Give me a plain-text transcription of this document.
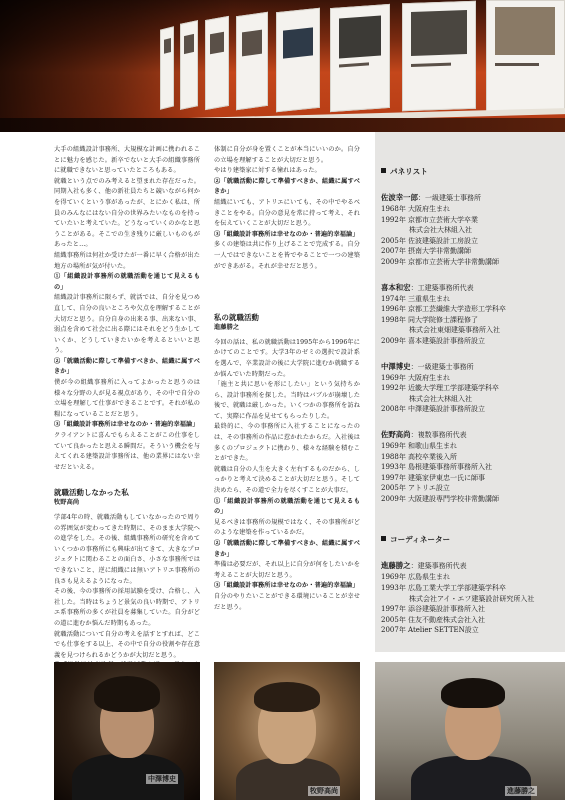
大手の組織設計事務所、大規模な計画に携われることに魅力を感じた。新卒でないと大手の組織事務所に就職できないと思っていたところもある。

就職という点でのみ考えると望まれた存在だった。同期入社も多く、他の新社員たちと競いながら何かを得ていくという事があったが、とにかく私は、所員のみんなにはない自分の世界みたいなものを持っていたいと考えていた。どうなっていくのかなと思うことがある。そこでの生き残りに厳しいものもがあったと…。

組織事務所は何社か受けたが一番に早く合格が出た地方の場所が気が付いた。

①「組織設計事務所の就職活動を通じて見えるもの」

組織設計事務所に限らず、就活では、自分を見つめ直して、自分の良いところや欠点を理解することが大切だと思う。自分自身の出来る事、出来ない事、弱点を含めて社会に出る際にはそれをどう生かしていくか、どうしていきたいかを考えるといいと思う。

②「就職活動に際して準備すべきか、組織に属すべきか」

僕が今の組織事務所に入ってよかったと思うのは様々な分野の人が見る視点があり、その中で自分の立場を理解して仕事ができることです。それが私の糧になっていることだと思う。

③「組織設計事務所は幸せなのか・普遍的幸福論」

クライアントに喜んでもらえることがこの仕事をしていて良かったと思える瞬間だ。そういう機会を与えてくれる建築設計事務所は、他の業界にはない幸せだといえる。

就職活動しなかった私
牧野高尚

学部4年の時、就職活動もしていなかったので周りの雰囲気が変わってきた時期に、そのまま大学院への進学をした。その後、組織事務所の研究を含めていくつかの事務所にも興味が出てきて、大きなプロジェクトに関わることの面白さ、小さな事務所ではできないこと、逆に組織には無いアトリエ事務所の良さも見えるようになった。

その後、今の事務所の採用試験を受け、合格し、入社した。当時はちょうど景気の良い時期で、アトリエ系事務所の多くが社員を募集していた。自分がどの道に進むか悩んだ時期もあった。

就職活動について自分の考えを話すとすれば、どこでも仕事をする以上、その中で自分の役割や存在意義を見つけられるかどうかが大切だと思う。

体制に自分が身を置くことが本当にいいのか。自分の立場を理解することが大切だと思う。

やはり建築家に対する憧れはあった。

②「就職活動に際して準備すべきか、組織に属すべきか」

組織にいても、アトリエにいても、その中でやるべきことをやる。自分の意見を常に持って考え、それを伝えていくことが大切だと思う。

③「組織設計事務所は幸せなのか・普遍的幸福論」

多くの建築は共に作り上げることで完成する。自分一人ではできないことを皆でやることで一つの建築ができあがる。それが幸せだと思う。

私の就職活動
進藤勝之

今回の話は、私の就職活動は1995年から1996年にかけてのことです。大学3年のゼミの選択で設計系を選んで、卒業設計の後に大学院に進むか就職するか悩んでいた時期だった。

「施主と共に思いを形にしたい」という気持ちから、設計事務所を探した。当時はバブルが崩壊した後で、就職は厳しかった。いくつかの事務所を訪ねて、実際に作品を見せてもらったりした。

最終的に、今の事務所に入社することになったのは、その事務所の作品に惹かれたからだ。入社後は多くのプロジェクトに携わり、様々な経験を積むことができた。

就職は自分の人生を大きく左右するものだから、しっかりと考えて決めることが大切だと思う。そして決めたら、その道で全力を尽くすことが大事だ。

①「組織設計事務所の就職活動を通じて見えるもの」

見るべきは事務所の規模ではなく、その事務所がどのような建築を作っているかだ。

②「就職活動に際して準備すべきか、組織に属すべきか」

準備は必要だが、それ以上に自分が何をしたいかを考えることが大切だと思う。

③「組織設計事務所は幸せなのか・普遍的幸福論」

自分のやりたいことができる環境にいることが幸せだと思う。

パネリスト
佐波幸一郎：一級建築士事務所
1968年 大阪府生まれ
1992年 京都市立芸術大学卒業
　　　　株式会社大林組入社
2005年 佐波建築設計工房設立
2007年 摂南大学非常勤講師
2009年 京都市立芸術大学非常勤講師
喜本和宏：工建築事務所代表
1974年 三重県生まれ
1996年 京都工芸繊維大学造形工学科卒
1998年 同大学院修士課程修了
　　　　株式会社東畑建築事務所入社
2009年 喜本建築設計事務所設立
中澤博史：一級建築士事務所
1969年 大阪府生まれ
1992年 近畿大学理工学部建築学科卒
　　　　株式会社大林組入社
2008年 中澤建築設計事務所設立
佐野高尚：複数事務所代表
1969年 和歌山県生まれ
1988年 高校卒業後入所
1993年 島根建築事務所事務所入社
1997年 建築家伊東忠一氏に師事
2005年 アトリエ設立
2009年 大阪建設専門学校非常勤講師
コーディネーター
進藤勝之：建築事務所代表
1969年 広島県生まれ
1993年 広島工業大学工学部建築学科卒
　　　　株式会社アイ・エフ建築設計研究所入社
1997年 添谷建築設計事務所入社
2005年 住友不動産株式会社入社
2007年 Atelier SETTEN設立
中澤博史
牧野高尚	進藤勝之
